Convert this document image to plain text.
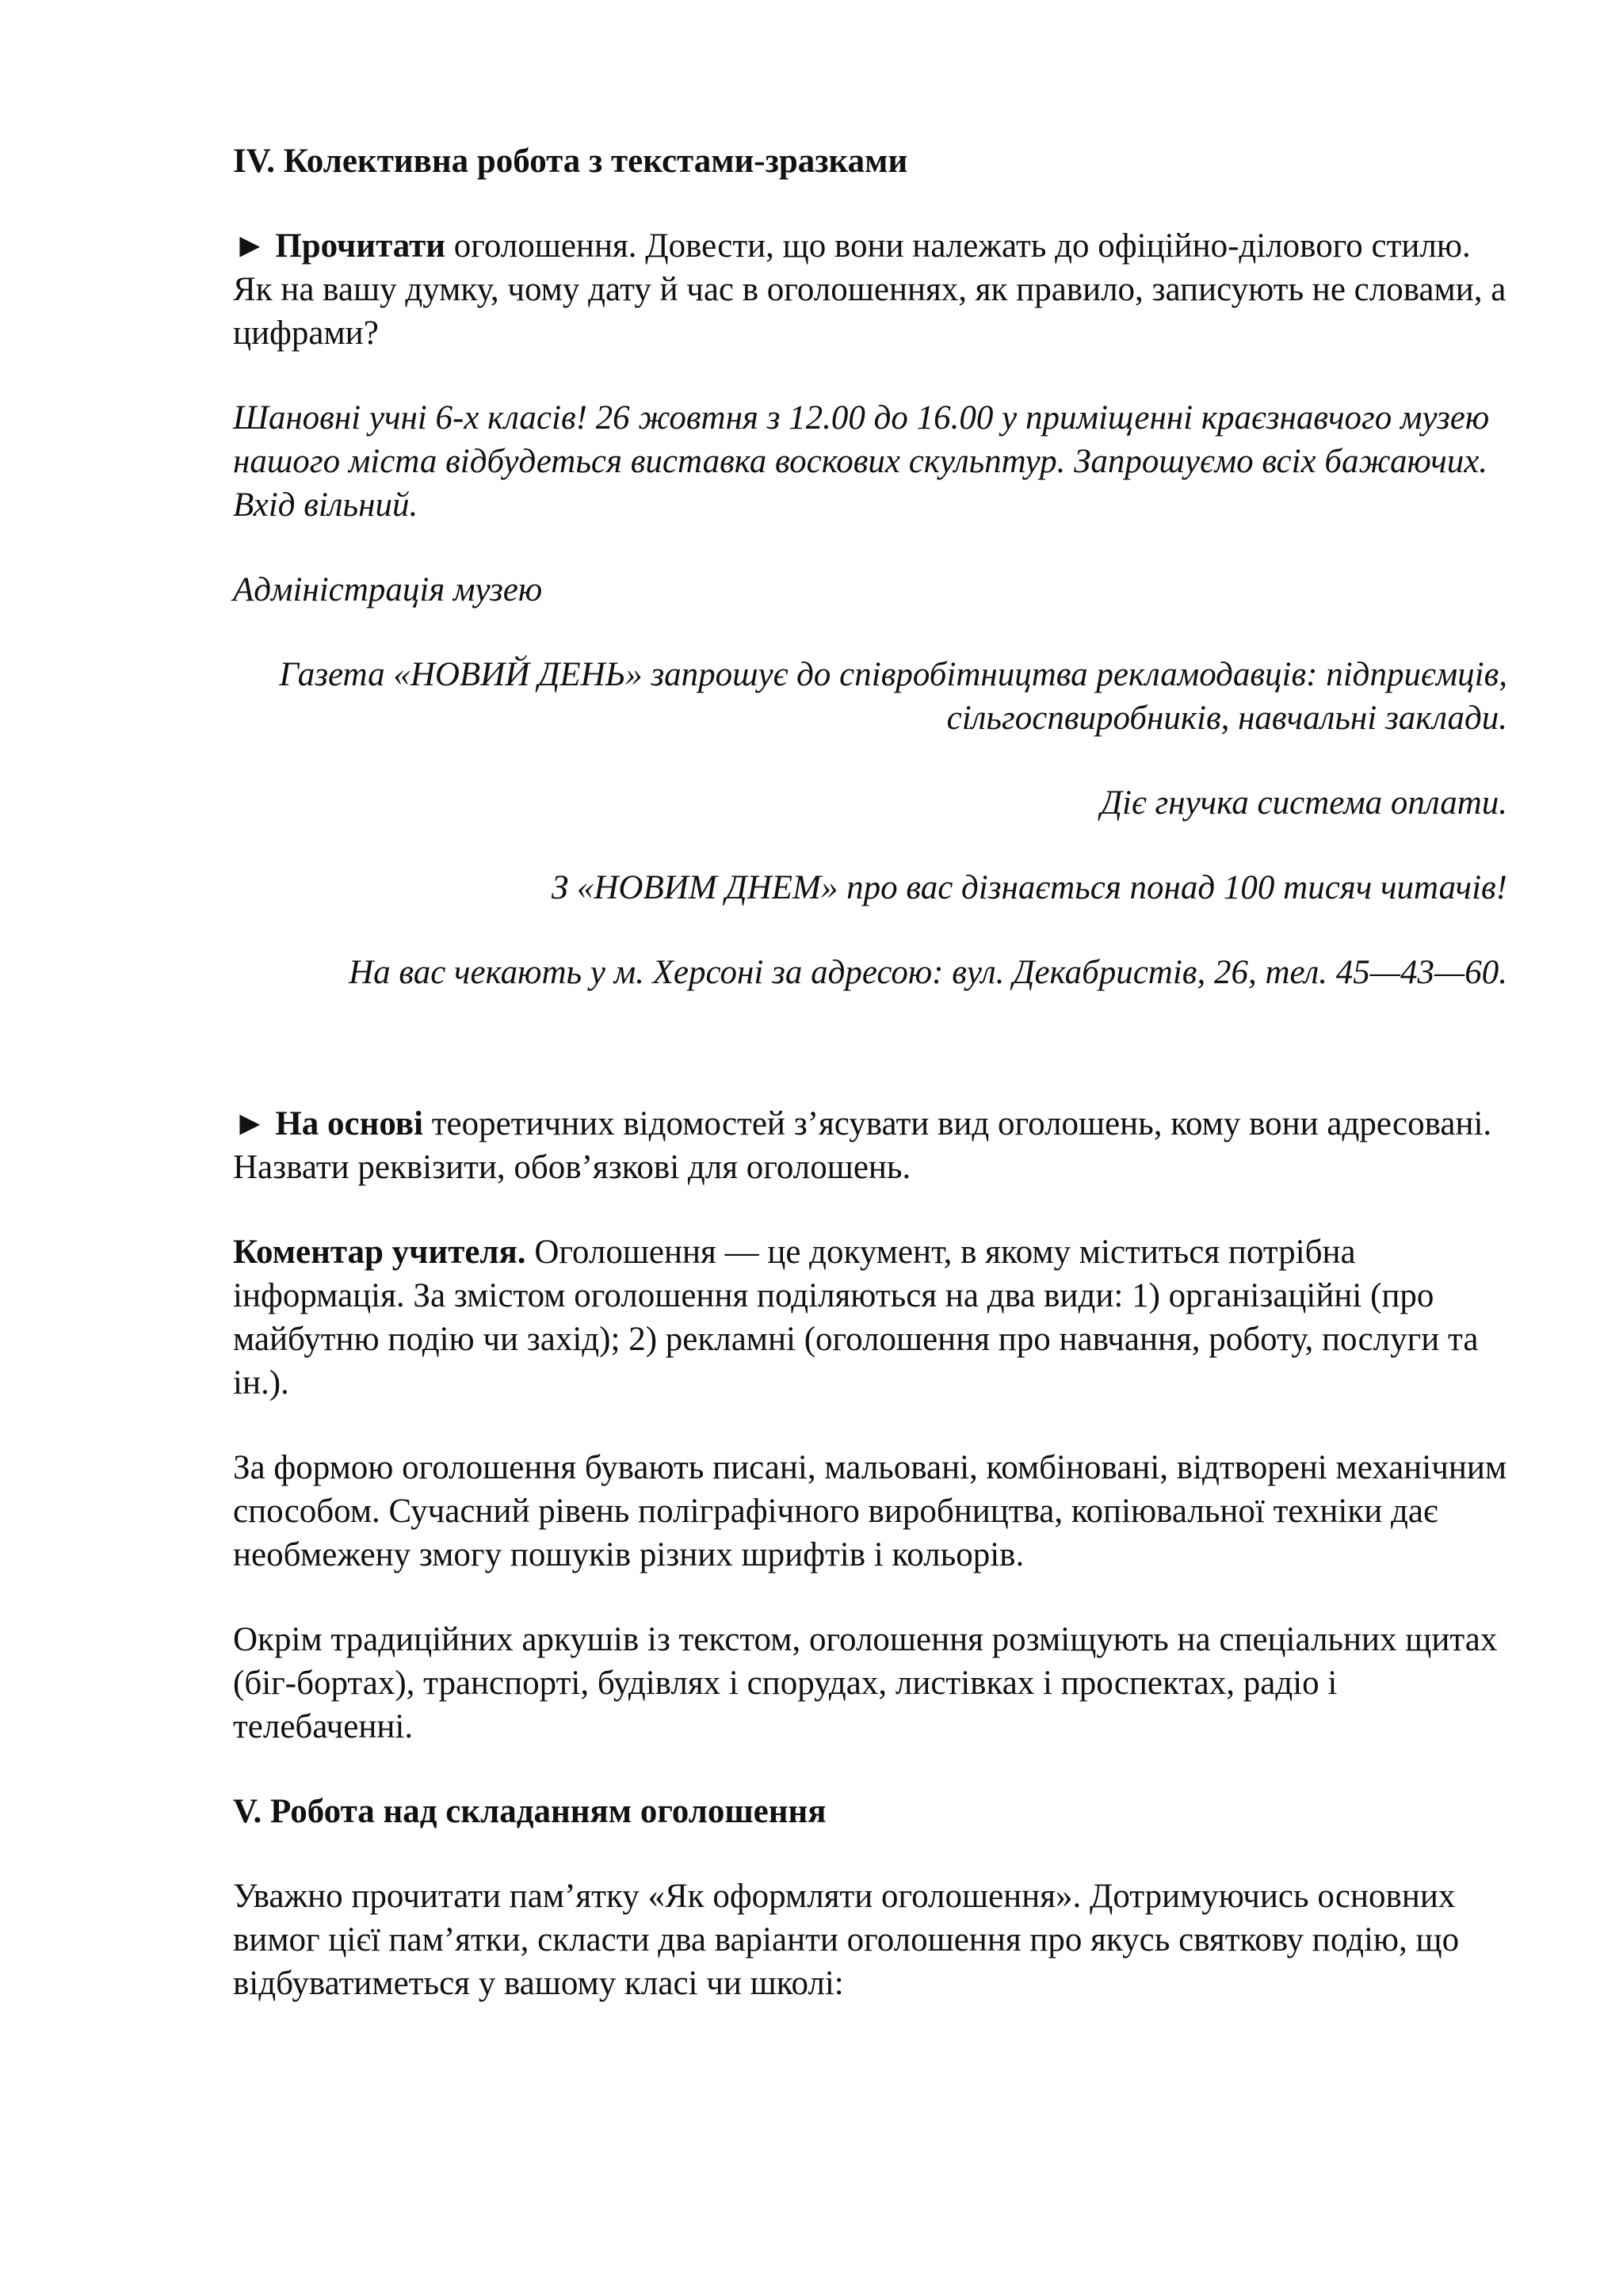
IV. Колективна робота з текстами-зразками

► Прочитати оголошення. Довести, що вони належать до офіційно-ділового стилю. Як на вашу думку, чому дату й час в оголошеннях, як правило, записують не словами, а цифрами?

Шановні учні 6-х класів! 26 жовтня з 12.00 до 16.00 у приміщенні краєзнавчого музею нашого міста відбудеться виставка воскових скульптур. Запрошуємо всіх бажаючих. Вхід вільний.

Адміністрація музею

Газета «НОВИЙ ДЕНЬ» запрошує до співробітництва рекламодавців: підприємців, сільгоспвиробників, навчальні заклади.

Діє гнучка система оплати.

З «НОВИМ ДНЕМ» про вас дізнається понад 100 тисяч читачів!

На вас чекають у м. Херсоні за адресою: вул. Декабристів, 26, тел. 45—43—60.

► На основі теоретичних відомостей з’ясувати вид оголошень, кому вони адресовані. Назвати реквізити, обов’язкові для оголошень.

Коментар учителя. Оголошення — це документ, в якому міститься потрібна інформація. За змістом оголошення поділяються на два види: 1) організаційні (про майбутню подію чи захід); 2) рекламні (оголошення про навчання, роботу, послуги та ін.).

За формою оголошення бувають писані, мальовані, комбіновані, відтворені механічним способом. Сучасний рівень поліграфічного виробництва, копіювальної техніки дає необмежену змогу пошуків різних шрифтів і кольорів.

Окрім традиційних аркушів із текстом, оголошення розміщують на спеціальних щитах (біг-бортах), транспорті, будівлях і спорудах, листівках і проспектах, радіо і телебаченні.

V. Робота над складанням оголошення

Уважно прочитати пам’ятку «Як оформляти оголошення». Дотримуючись основних вимог цієї пам’ятки, скласти два варіанти оголошення про якусь святкову подію, що відбуватиметься у вашому класі чи школі:
